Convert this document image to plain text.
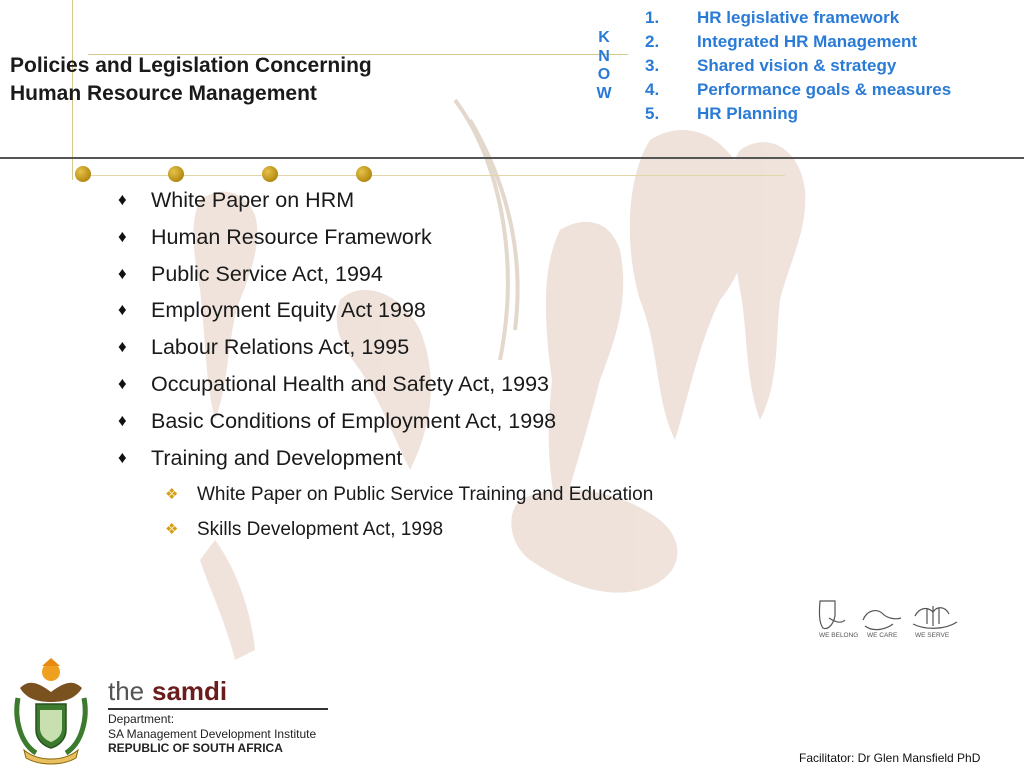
Policies and Legislation Concerning
Human Resource Management
K
N
O
W
1.	HR legislative framework
2.	Integrated HR Management
3.	Shared vision & strategy
4.	Performance goals & measures
5.	HR Planning
♦	White Paper on HRM
♦	Human Resource Framework
♦	Public Service Act, 1994
♦	Employment Equity Act 1998
♦	Labour Relations Act, 1995
♦	Occupational Health and Safety Act, 1993
♦	Basic Conditions of Employment Act, 1998
♦	Training and Development
❖ White Paper on Public Service Training and Education
❖ Skills Development Act, 1998
WE BELONG WE CARE	WE SERVE
the samdi
Department:
SA Management Development Institute
REPUBLIC OF SOUTH AFRICA
Facilitator: Dr Glen Mansfield PhD
